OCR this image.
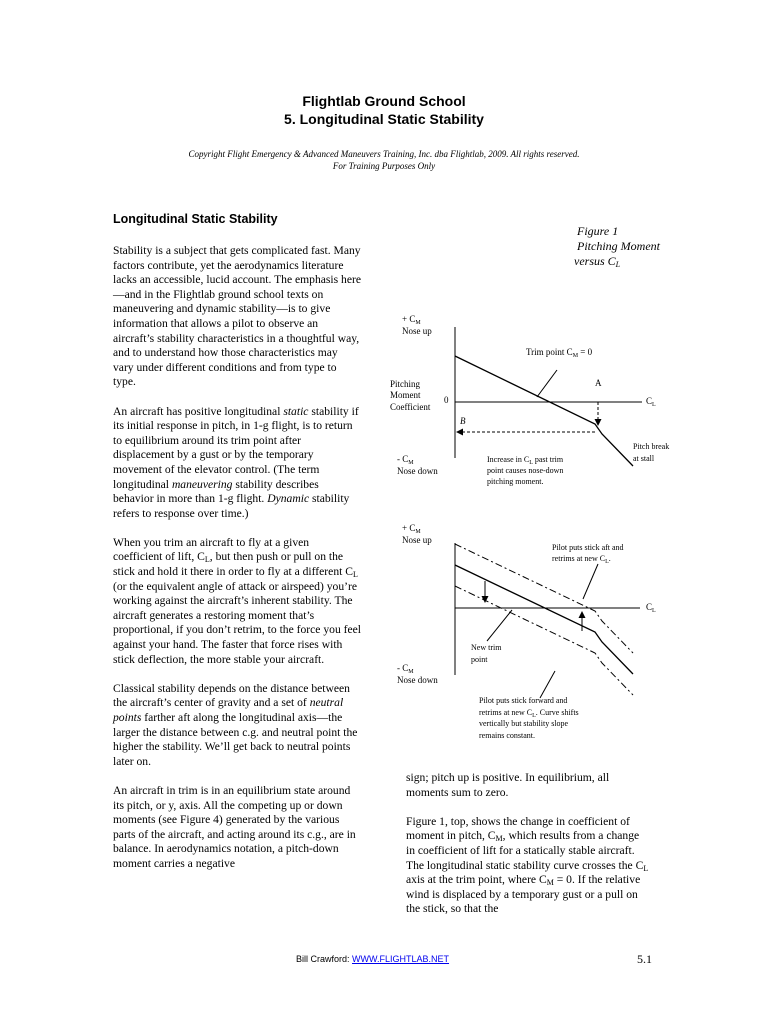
Flightlab Ground School
5. Longitudinal Static Stability
Copyright Flight Emergency & Advanced Maneuvers Training, Inc. dba Flightlab, 2009. All rights reserved.
For Training Purposes Only
Longitudinal Static Stability

Stability is a subject that gets complicated fast. Many factors contribute, yet the aerodynamics literature lacks an accessible, lucid account. The emphasis here—and in the Flightlab ground school texts on maneuvering and dynamic stability—is to give information that allows a pilot to observe an aircraft’s stability characteristics in a thoughtful way, and to understand how those characteristics may vary under different conditions and from type to type.

An aircraft has positive longitudinal static stability if its initial response in pitch, in 1-g flight, is to return to equilibrium around its trim point after displacement by a gust or by the temporary movement of the elevator control. (The term longitudinal maneuvering stability describes behavior in more than 1-g flight. Dynamic stability refers to response over time.)

When you trim an aircraft to fly at a given coefficient of lift, $C_L$, but then push or pull on the stick and hold it there in order to fly at a different $C_L$ (or the equivalent angle of attack or airspeed) you’re working against the aircraft’s inherent stability. The aircraft generates a restoring moment that’s proportional, if you don’t retrim, to the force you feel against your hand. The faster that force rises with stick deflection, the more stable your aircraft.

Classical stability depends on the distance between the aircraft’s center of gravity and a set of neutral points farther aft along the longitudinal axis—the larger the distance between c.g. and neutral point the higher the stability. We’ll get back to neutral points later on.

An aircraft in trim is in an equilibrium state around its pitch, or y, axis. All the competing up or down moments (see Figure 4) generated by the various parts of the aircraft, and acting around its c.g., are in balance. In aerodynamics notation, a pitch-down moment carries a negative

Figure 1
Pitching Moment
versus $C_L$
+ $C_M$
Nose up
Trim point $C_M = 0$
A
B
Pitching
Moment
Coefficient
0	$C_L$
- $C_M$
Nose down
Increase in $C_L$ past trim
point causes nose-down
pitching moment.
Pitch break
at stall
+ $C_M$
Nose up
Pilot puts stick aft and
retrims at new $C_L$.
$C_L$
New trim
point
- $C_M$
Nose down
Pilot puts stick forward and
retrims at new $C_L$. Curve shifts
vertically but stability slope
remains constant.

sign; pitch up is positive. In equilibrium, all moments sum to zero.

Figure 1, top, shows the change in coefficient of moment in pitch, $C_M$, which results from a change in coefficient of lift for a statically stable aircraft. The longitudinal static stability curve crosses the $C_L$ axis at the trim point, where $C_M = 0$. If the relative wind is displaced by a temporary gust or a pull on the stick, so that the

Bill Crawford: WWW.FLIGHTLAB.NET	5.1
